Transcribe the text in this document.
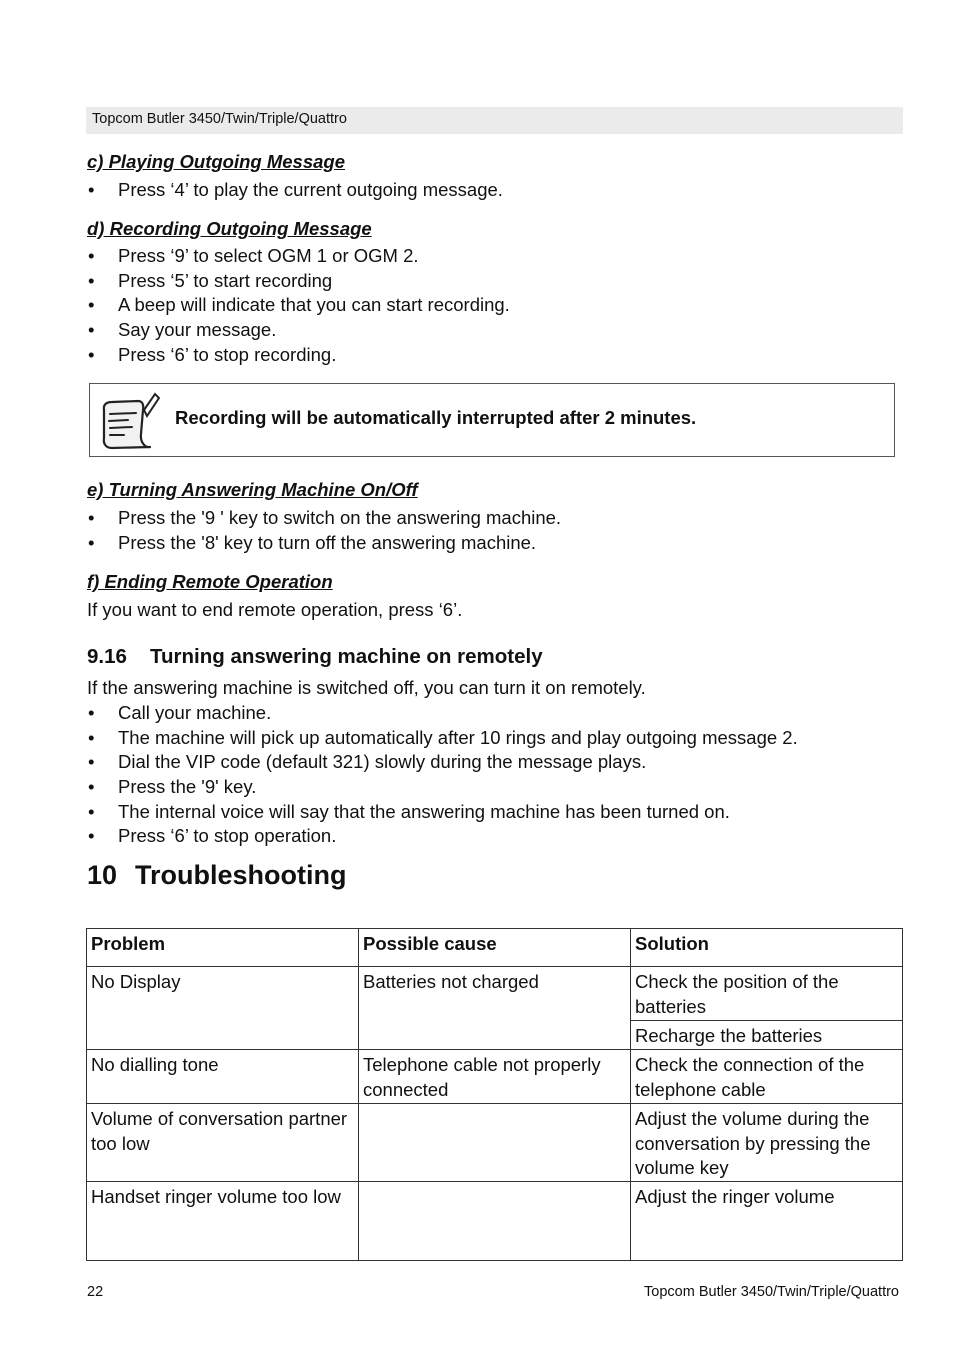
Topcom Butler 3450/Twin/Triple/Quattro

c) Playing Outgoing Message

• Press ‘4’ to play the current outgoing message.

d) Recording Outgoing Message

• Press ‘9’ to select OGM 1 or OGM 2.
• Press ‘5’ to start recording
• A beep will indicate that you can start recording.
• Say your message.
• Press ‘6’ to stop recording.
Recording will be automatically interrupted after 2 minutes.

e) Turning Answering Machine On/Off

• Press the '9 ' key to switch on the answering machine.
• Press the '8' key to turn off the answering machine.

f) Ending Remote Operation

If you want to end remote operation, press ‘6’.

9.16 Turning answering machine on remotely

If the answering machine is switched off, you can turn it on remotely.

• Call your machine.
• The machine will pick up automatically after 10 rings and play outgoing message 2.
• Dial the VIP code (default 321) slowly during the message plays.
• Press the '9' key.
• The internal voice will say that the answering machine has been turned on.
• Press ‘6’ to stop operation.
10 Troubleshooting
Problem	Possible cause	Solution
No Display	Batteries not charged	Check the position of the batteries
		Recharge the batteries
No dialling tone	Telephone cable not properly connected	Check the connection of the telephone cable
Volume of conversation partner too low		Adjust the volume during the conversation by pressing the volume key
Handset ringer volume too low		Adjust the ringer volume
22	Topcom Butler 3450/Twin/Triple/Quattro
